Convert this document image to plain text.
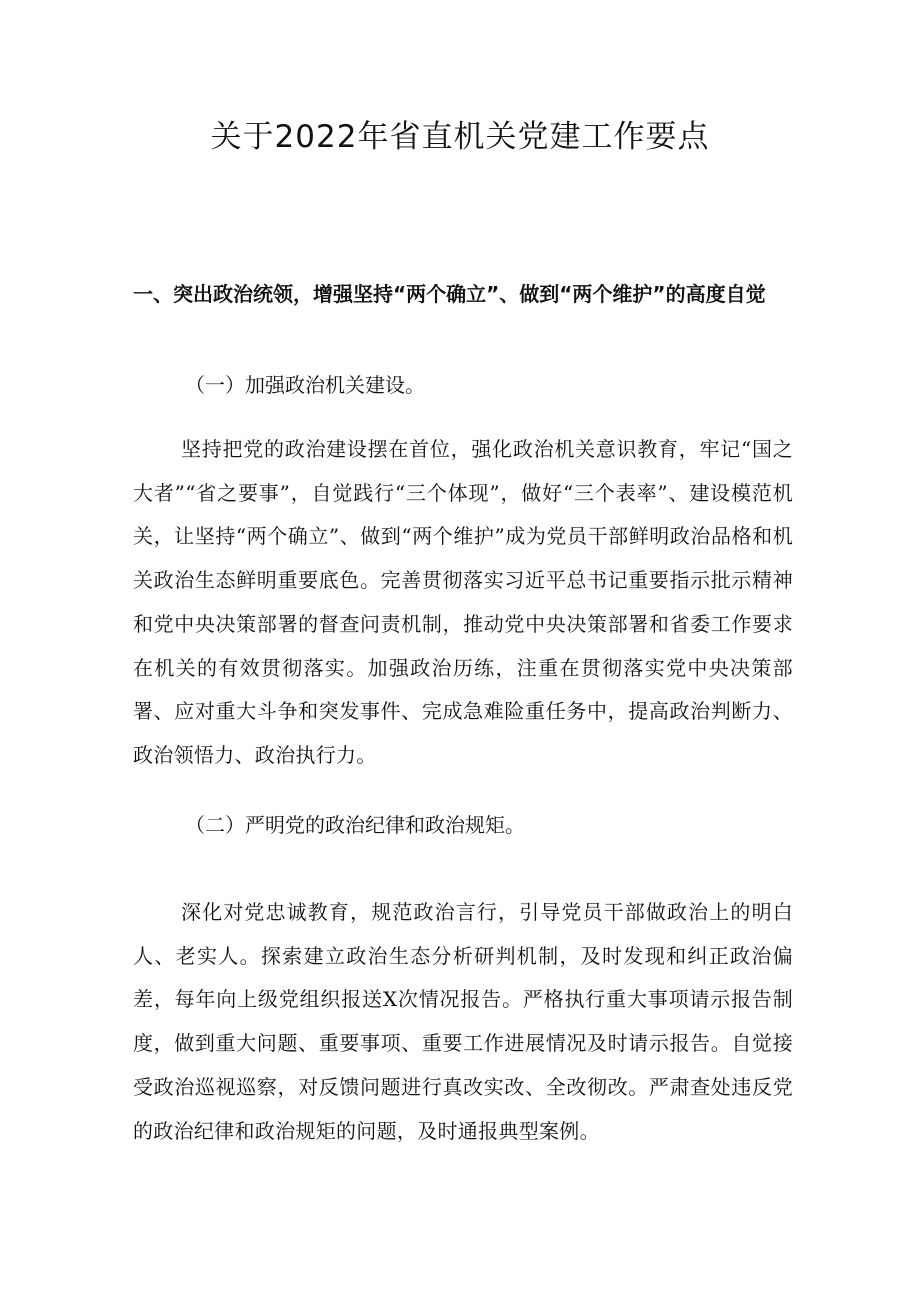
关于2022年省直机关党建工作要点
一、突出政治统领，增强坚持“两个确立”、做到“两个维护”的高度自觉

（一）加强政治机关建设。

坚持把党的政治建设摆在首位，强化政治机关意识教育，牢记“国之大者”“省之要事”，自觉践行“三个体现”，做好“三个表率”、建设模范机关，让坚持“两个确立”、做到“两个维护”成为党员干部鲜明政治品格和机关政治生态鲜明重要底色。完善贯彻落实习近平总书记重要指示批示精神和党中央决策部署的督查问责机制，推动党中央决策部署和省委工作要求在机关的有效贯彻落实。加强政治历练，注重在贯彻落实党中央决策部署、应对重大斗争和突发事件、完成急难险重任务中，提高政治判断力、政治领悟力、政治执行力。

（二）严明党的政治纪律和政治规矩。

深化对党忠诚教育，规范政治言行，引导党员干部做政治上的明白人、老实人。探索建立政治生态分析研判机制，及时发现和纠正政治偏差，每年向上级党组织报送X次情况报告。严格执行重大事项请示报告制度，做到重大问题、重要事项、重要工作进展情况及时请示报告。自觉接受政治巡视巡察，对反馈问题进行真改实改、全改彻改。严肃查处违反党的政治纪律和政治规矩的问题，及时通报典型案例。
